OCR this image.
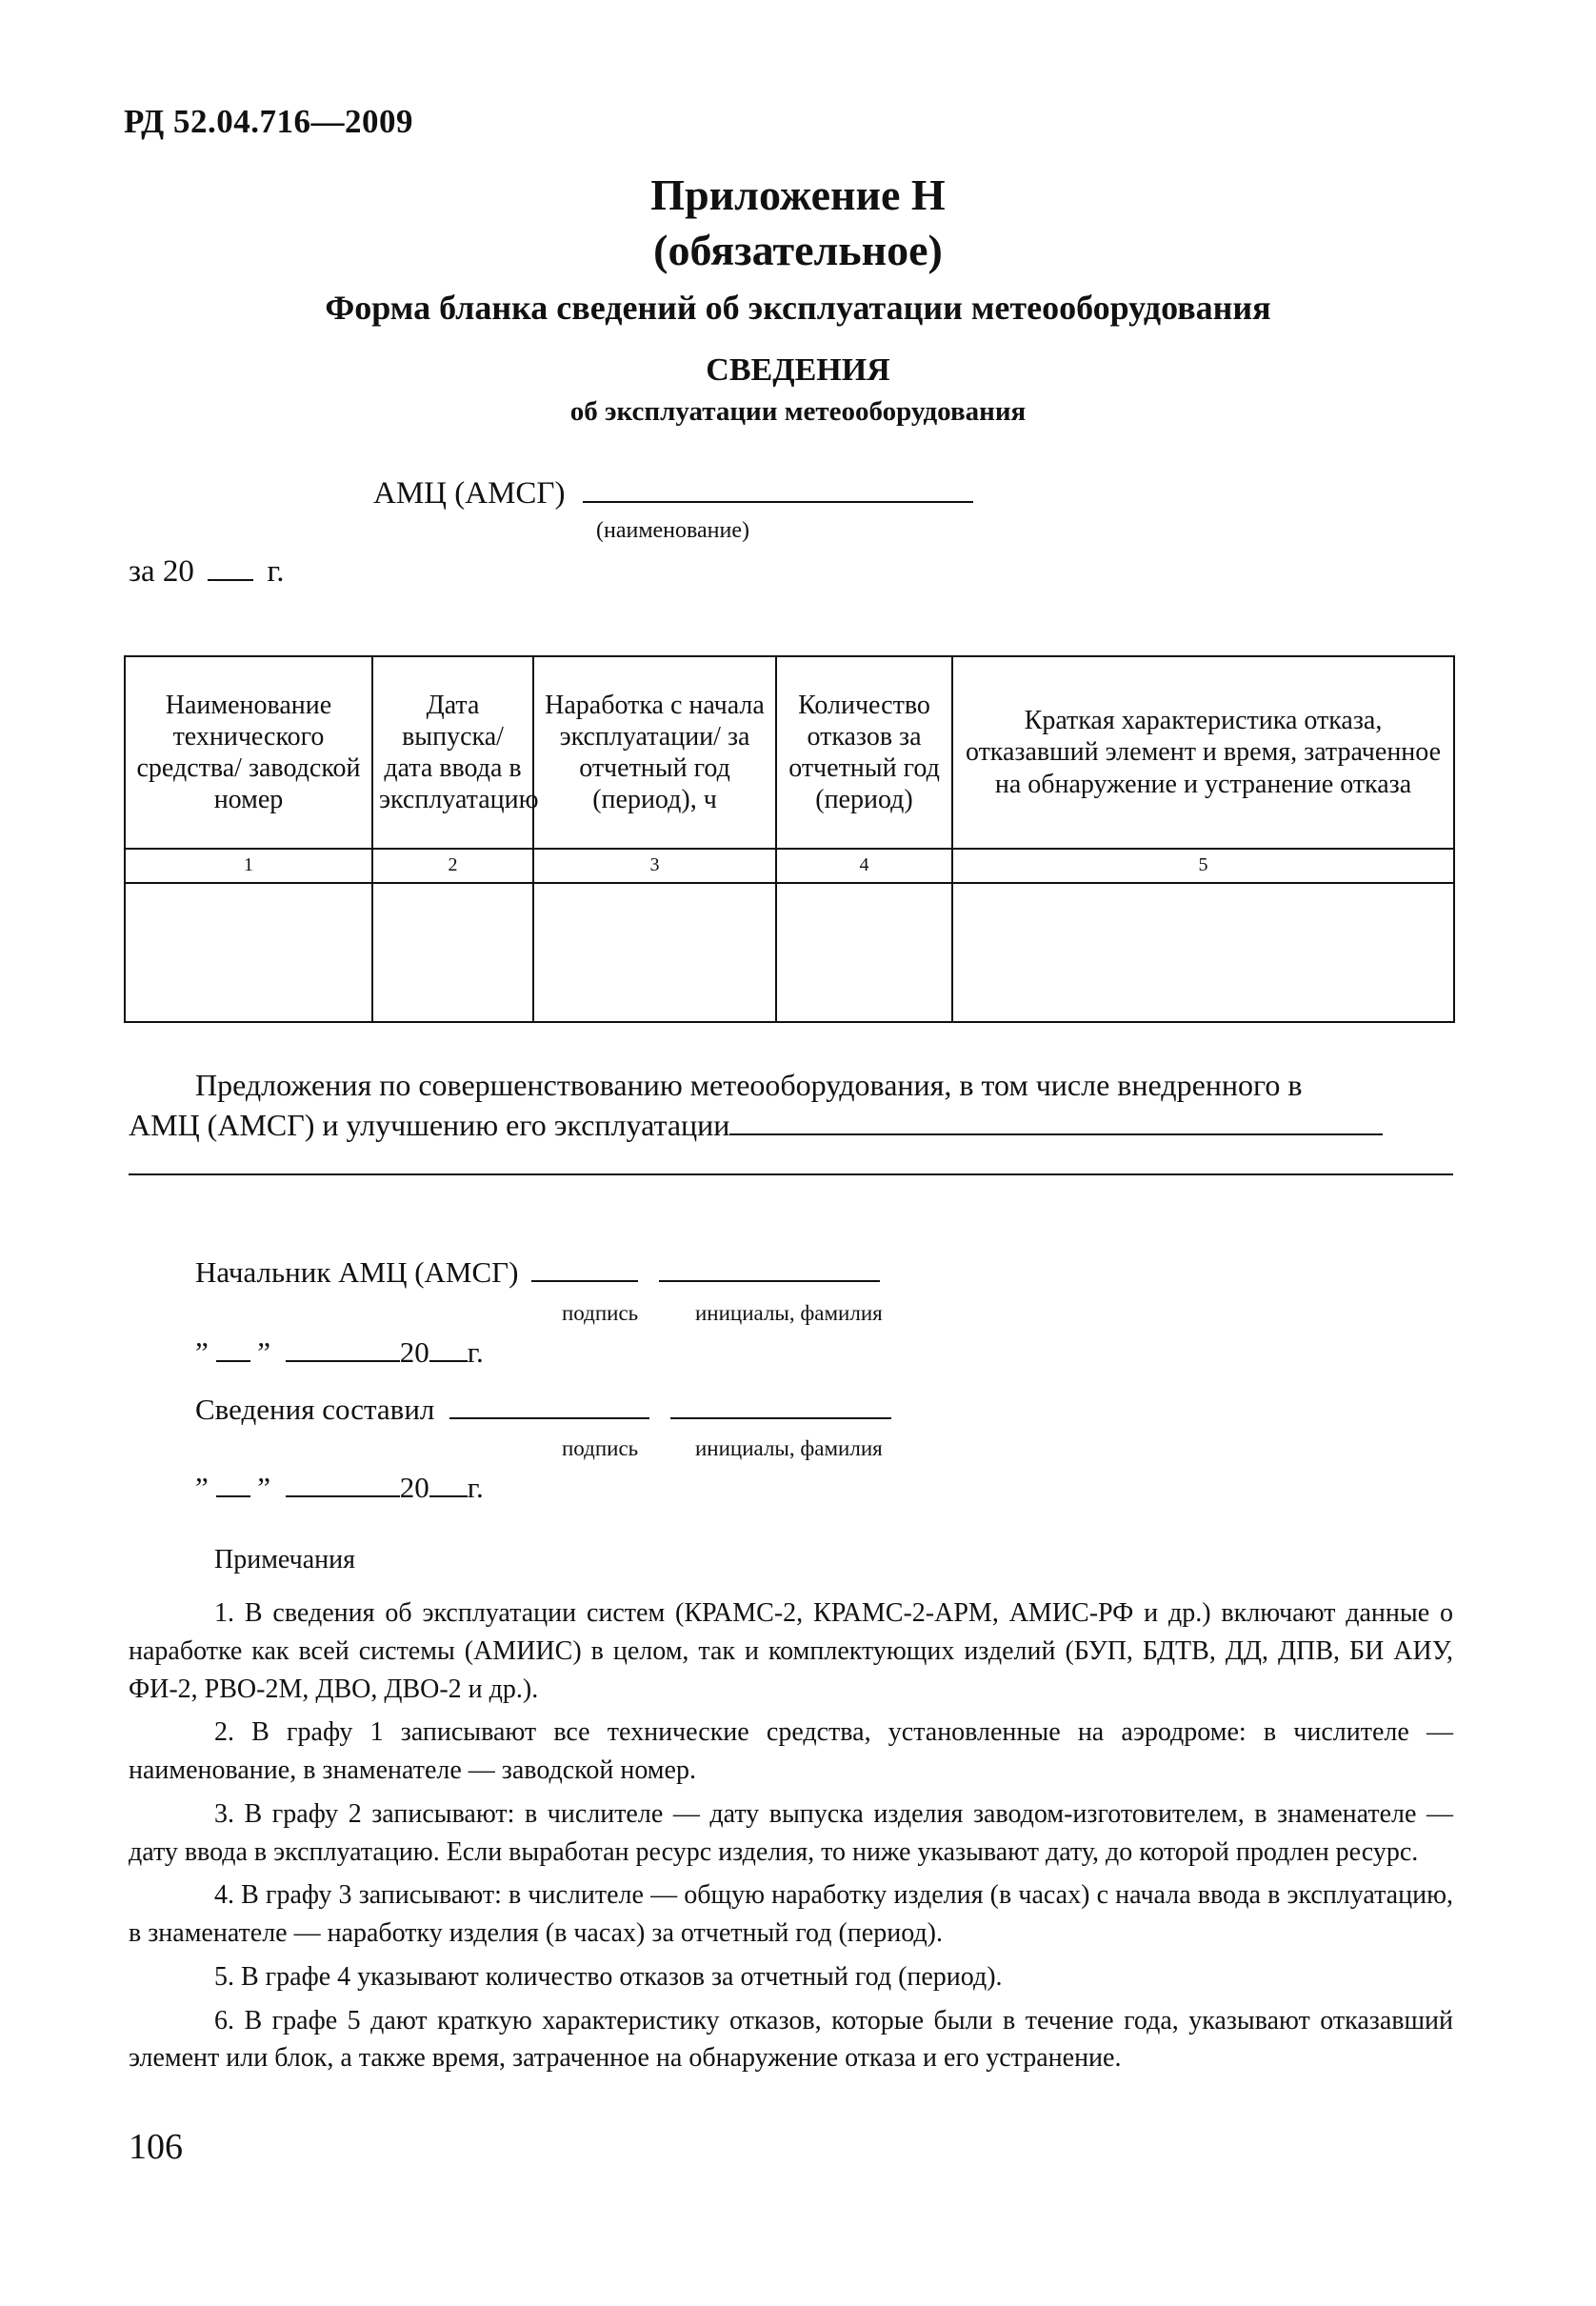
РД 52.04.716—2009
Приложение Н
(обязательное)
Форма бланка сведений об эксплуатации метеооборудования
СВЕДЕНИЯ
об эксплуатации метеооборудования
АМЦ (АМСГ)
(наименование)
за 20 г.
Наименование технического средства/ заводской номер	Дата выпуска/ дата ввода в эксплуатацию	Наработка с начала эксплуатации/ за отчетный год (период), ч	Количество отказов за отчетный год (период)	Краткая характеристика отказа, отказавший элемент и время, затраченное на обнаружение и устранение отказа
1	2	3	4	5

Предложения по совершенствованию метеооборудования, в том числе внедренного в
АМЦ (АМСГ) и улучшению его эксплуатации
Начальник АМЦ (АМСГ)
подпись	инициалы, фамилия
” ”	20 г.
Сведения составил
подпись	инициалы, фамилия
” ”	20 г.
Примечания

1. В сведения об эксплуатации систем (КРАМС-2, КРАМС-2-АРМ, АМИС-РФ и др.) включают данные о наработке как всей системы (АМИИС) в целом, так и комплектующих изделий (БУП, БДТВ, ДД, ДПВ, БИ АИУ, ФИ-2, РВО-2М, ДВО, ДВО-2 и др.).

2. В графу 1 записывают все технические средства, установленные на аэродроме: в числителе — наименование, в знаменателе — заводской номер.

3. В графу 2 записывают: в числителе — дату выпуска изделия заводом-изготовителем, в знаменателе — дату ввода в эксплуатацию. Если выработан ресурс изделия, то ниже указывают дату, до которой продлен ресурс.

4. В графу 3 записывают: в числителе — общую наработку изделия (в часах) с начала ввода в эксплуатацию, в знаменателе — наработку изделия (в часах) за отчетный год (период).

5. В графе 4 указывают количество отказов за отчетный год (период).

6. В графе 5 дают краткую характеристику отказов, которые были в течение года, указывают отказавший элемент или блок, а также время, затраченное на обнаружение отказа и его устранение.

106
